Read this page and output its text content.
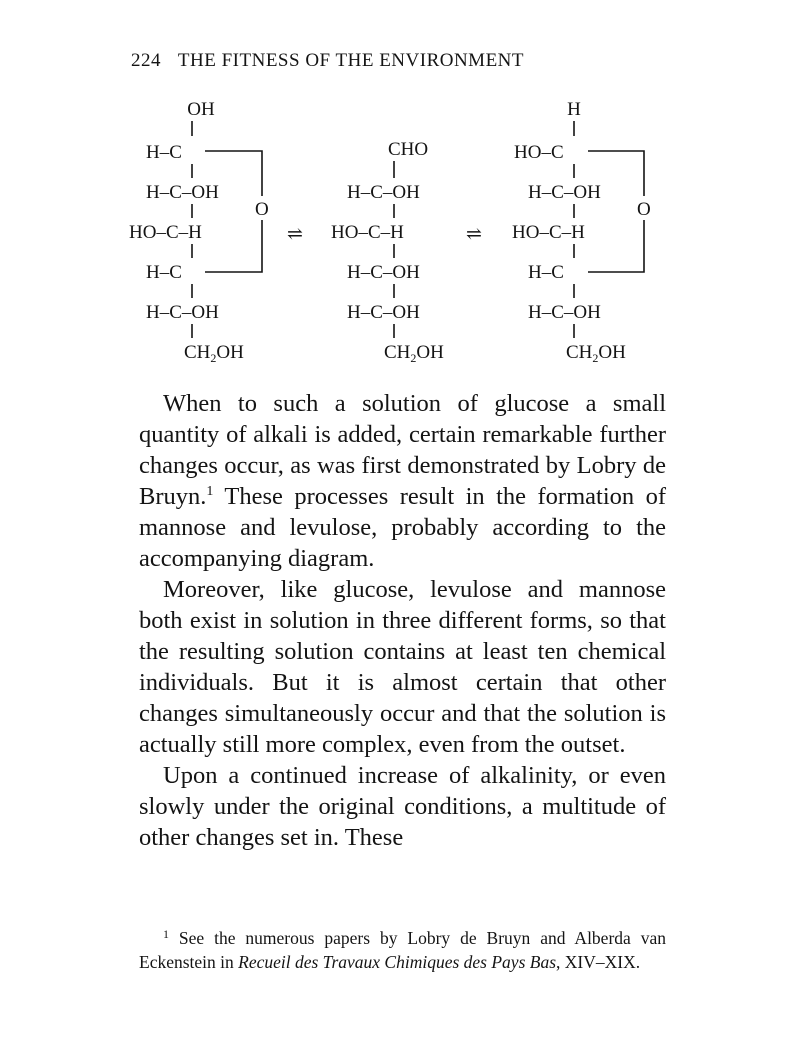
224 THE FITNESS OF THE ENVIRONMENT
OH
H–C
H–C–OH
HO–C–H
H–C
H–C–OH
$CH_2OH$
O
⇌
CHO
H–C–OH
HO–C–H
H–C–OH
H–C–OH
$CH_2OH$
⇌
H
HO–C
H–C–OH
HO–C–H
H–C
H–C–OH
$CH_2OH$
O

When to such a solution of glucose a small quantity of alkali is added, certain remarkable further changes occur, as was first demonstrated by Lobry de Bruyn.$^1$ These processes result in the formation of mannose and levulose, probably according to the accompanying diagram.

Moreover, like glucose, levulose and mannose both exist in solution in three different forms, so that the resulting solution contains at least ten chemical individuals. But it is almost certain that other changes simultaneously occur and that the solution is actually still more complex, even from the outset.

Upon a continued increase of alkalinity, or even slowly under the original conditions, a multitude of other changes set in. These

$^1$ See the numerous papers by Lobry de Bruyn and Alberda van Eckenstein in Recueil des Travaux Chimiques des Pays Bas, XIV–XIX.
